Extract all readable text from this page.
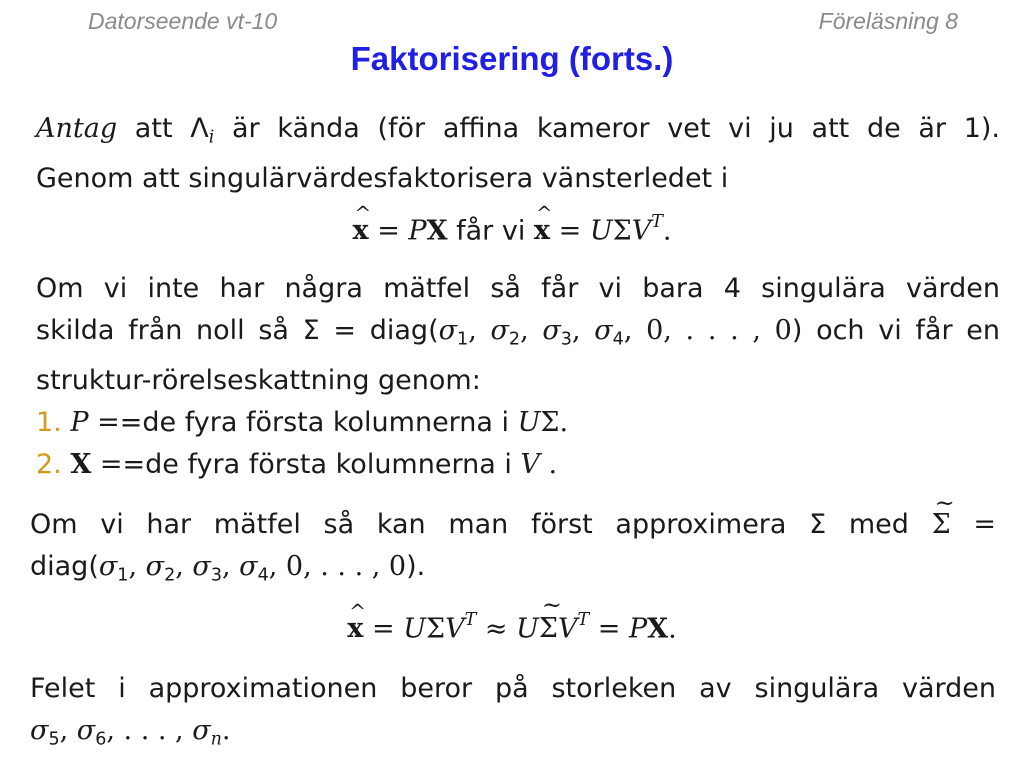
Datorseende vt-10	Föreläsning 8
Faktorisering (forts.)
Antag att $\Lambda_i$ är kända (för affina kameror vet vi ju att de är 1).
Genom att singulärvärdesfaktorisera vänsterledet i
^ x = PX får vi ^ $x = U\Sigma V^T$.
Om vi inte har några mätfel så får vi bara 4 singulära värden
skilda från noll så $\Sigma = diag(\sigma_1$, $\sigma_2$, $\sigma_3$, $\sigma_4$, 0, . . . , 0) och vi får en
struktur-rörelseskattning genom:
1. P ==de fyra första kolumnerna i UΣ.
2. X ==de fyra första kolumnerna i V .
Om vi har mätfel så kan man först approximera Σ med ~ Σ =
$diag(\sigma_1$, $\sigma_2$, $\sigma_3$, $\sigma_4$, 0, . . . , 0).
^ $x = U\Sigma V^T$ ≈ U~ $\Sigma V^T$ = PX.
Felet i approximationen beror på storleken av singulära värden
$\sigma_5$, $\sigma_6$, . . . , $\sigma_n$.
